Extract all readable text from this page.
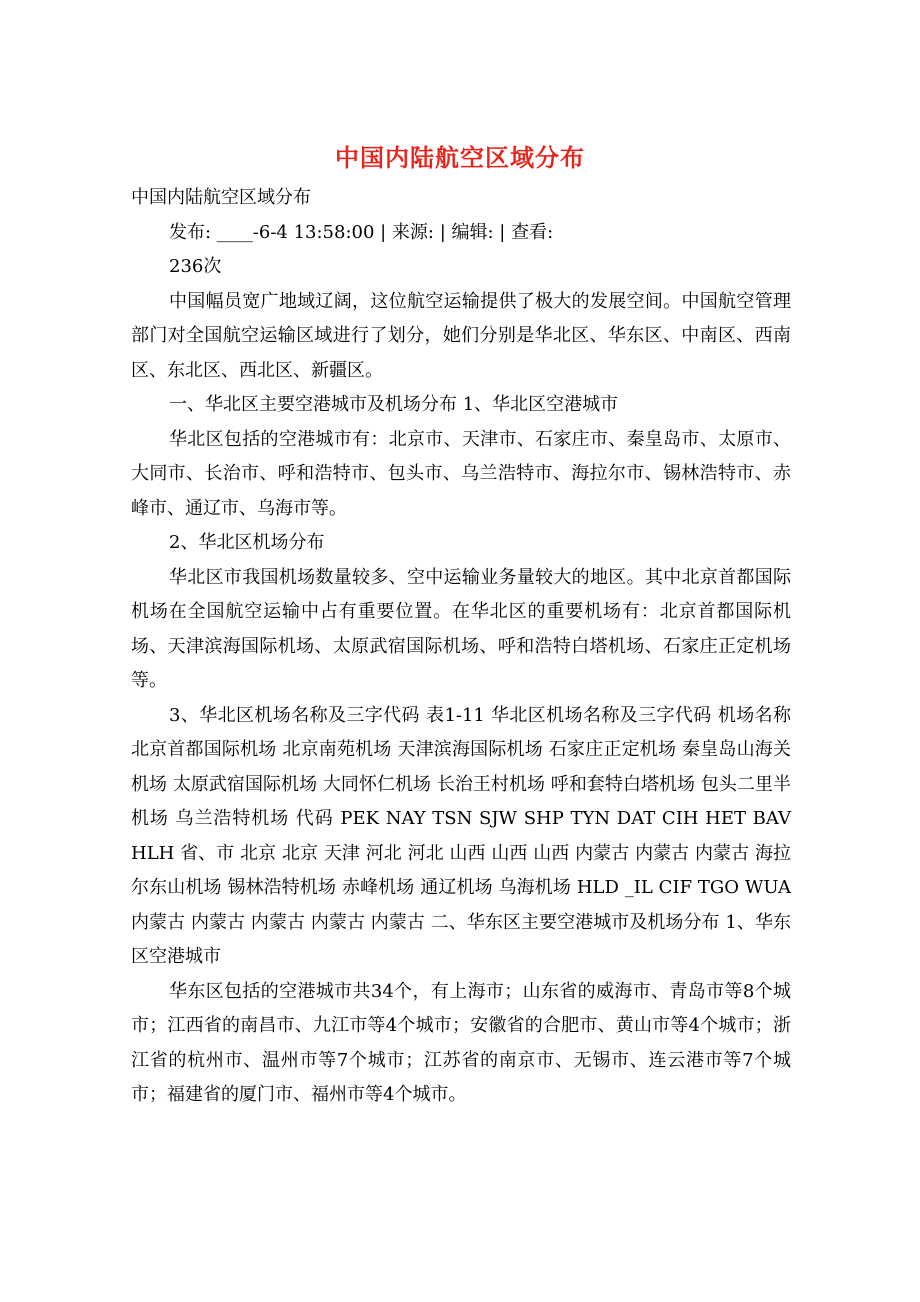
中国内陆航空区域分布

中国内陆航空区域分布

发布: ____-6-4 13:58:00 | 来源: | 编辑: | 查看:

236次

中国幅员宽广地域辽阔，这位航空运输提供了极大的发展空间。中国航空管理部门对全国航空运输区域进行了划分，她们分别是华北区、华东区、中南区、西南区、东北区、西北区、新疆区。

一、华北区主要空港城市及机场分布 1、华北区空港城市

华北区包括的空港城市有：北京市、天津市、石家庄市、秦皇岛市、太原市、大同市、长治市、呼和浩特市、包头市、乌兰浩特市、海拉尔市、锡林浩特市、赤峰市、通辽市、乌海市等。

2、华北区机场分布

华北区市我国机场数量较多、空中运输业务量较大的地区。其中北京首都国际机场在全国航空运输中占有重要位置。在华北区的重要机场有：北京首都国际机场、天津滨海国际机场、太原武宿国际机场、呼和浩特白塔机场、石家庄正定机场等。

3、华北区机场名称及三字代码 表1-11 华北区机场名称及三字代码 机场名称 北京首都国际机场 北京南苑机场 天津滨海国际机场 石家庄正定机场 秦皇岛山海关机场 太原武宿国际机场 大同怀仁机场 长治王村机场 呼和套特白塔机场 包头二里半机场 乌兰浩特机场 代码 PEK NAY TSN SJW SHP TYN DAT CIH HET BAV HLH 省、市 北京 北京 天津 河北 河北 山西 山西 山西 内蒙古 内蒙古 内蒙古 海拉尔东山机场 锡林浩特机场 赤峰机场 通辽机场 乌海机场 HLD _IL CIF TGO WUA 内蒙古 内蒙古 内蒙古 内蒙古 内蒙古 二、华东区主要空港城市及机场分布 1、华东区空港城市

华东区包括的空港城市共34个，有上海市；山东省的威海市、青岛市等8个城市；江西省的南昌市、九江市等4个城市；安徽省的合肥市、黄山市等4个城市；浙江省的杭州市、温州市等7个城市；江苏省的南京市、无锡市、连云港市等7个城市；福建省的厦门市、福州市等4个城市。
